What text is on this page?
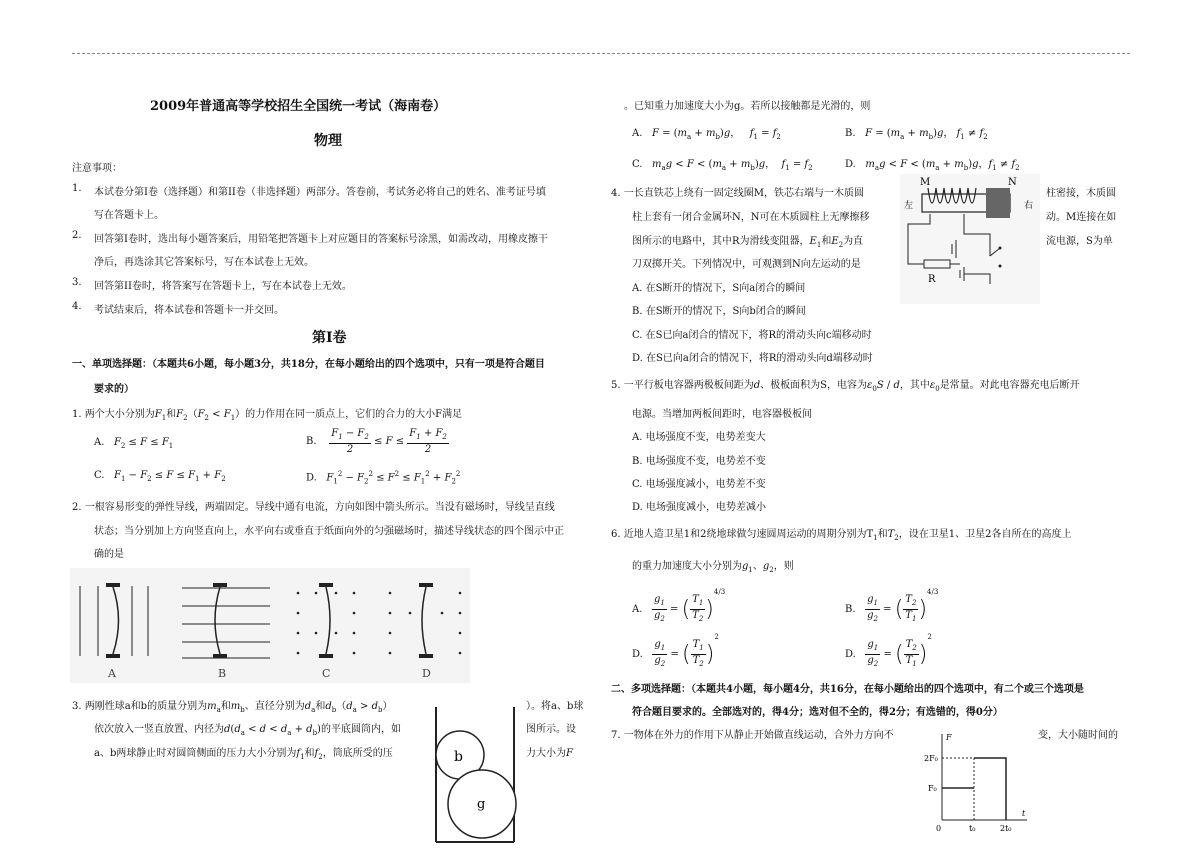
2009年普通高等学校招生全国统一考试（海南卷）
物理
注意事项：
1. 本试卷分第Ⅰ卷（选择题）和第II卷（非选择题）两部分。答卷前，考试务必将自己的姓名、准考证号填
写在答题卡上。
2. 回答第Ⅰ卷时，选出每小题答案后，用铅笔把答题卡上对应题目的答案标号涂黑，如需改动，用橡皮擦干
净后，再选涂其它答案标号，写在本试卷上无效。
3. 回答第II卷时，将答案写在答题卡上，写在本试卷上无效。
4. 考试结束后，将本试卷和答题卡一并交回。
第Ⅰ卷
一、单项选择题：（本题共6小题，每小题3分，共18分，在每小题给出的四个选项中，只有一项是符合题目
要求的）
1. 两个大小分别为$F_1$和$F_2(F_2 < F_1)$的力作用在同一质点上，它们的合力的大小F满足
A.   $F_2 \le F \le F_1$	B. $\frac{F_1 - F_2}{2} \le F \le \frac{F_1 + F_2}{2}$
C.   $F_1 - F_2 \le F \le F_1 + F_2$	D.   $F_1^2 - F_2^2 \le F^2 \le F_1^2 + F_2^2$
2. 一根容易形变的弹性导线，两端固定。导线中通有电流，方向如图中箭头所示。当没有磁场时，导线呈直线
状态；当分别加上方向竖直向上，水平向右或垂直于纸面向外的匀强磁场时，描述导线状态的四个图示中正
确的是
A	B	C	D
3. 两刚性球a和b的质量分别为$m_a$和$m_b$、直径分别为$d_a$和$d_b(d_a > d_b)$
依次放入一竖直放置、内径为$d(d_a < d < d_a + d_b)$的平底圆筒内，如
a、b两球静止时对圆筒侧面的压力大小分别为$f_1$和$f_2$，筒底所受的压
）。将a、b球
图所示。设
力大小为F
b
g
。已知重力加速度大小为g。若所以接触都是光滑的，则
A.   $F = (m_a + m_b)g$，   $f_1 = f_2$	B.   $F = (m_a + m_b)g$， $f_1 \ne f_2$
C.   $m_ag < F < (m_a + m_b)g$，  $f_1 = f_2$	D.   $m_ag < F < (m_a + m_b)g$，$f_1 \ne f_2$
4. 一长直铁芯上绕有一固定线圈M，铁芯右端与一木质圆
柱上套有一闭合金属环N，N可在木质圆柱上无摩擦移
图所示的电路中，其中R为滑线变阻器，$E_1$和$E_2$为直
刀双掷开关。下列情况中，可观测到N向左运动的是
柱密接，木质圆
动。M连接在如
流电源，S为单
M	N
左	右
R
A. 在S断开的情况下，S向a闭合的瞬间
B. 在S断开的情况下，S向b闭合的瞬间
C. 在S已向a闭合的情况下，将R的滑动头向c端移动时
D. 在S已向a闭合的情况下，将R的滑动头向d端移动时
5. 一平行板电容器两极板间距为d、极板面积为S，电容为$\varepsilon_0S$ / d，其中$\varepsilon_0$是常量。对此电容器充电后断开
电源。当增加两板间距时，电容器极板间
A. 电场强度不变，电势差变大
B. 电场强度不变，电势差不变
C. 电场强度减小，电势差不变
D. 电场强度减小，电势差减小
6. 近地人造卫星1和2绕地球做匀速圆周运动的周期分别为$T_1$和$T_2$，设在卫星1、卫星2各自所在的高度上
的重力加速度大小分别为$g_1$、$g_2$，则
A. $\frac{g_1}{g_2}$ = ( $\frac{T_1}{T_2} )^{4/3}$
B. $\frac{g_1}{g_2}$ = ( $\frac{T_2}{T_1} )^{4/3}$
D. $\frac{g_1}{g_2}$ = ( $\frac{T_1}{T_2} )^2$
D. $\frac{g_1}{g_2}$ = ( $\frac{T_2}{T_1} )^2$
二、多项选择题：（本题共4小题，每小题4分，共16分，在每小题给出的四个选项中，有二个或三个选项是
符合题目要求的。全部选对的，得4分；选对但不全的，得2分；有选错的，得0分）
7. 一物体在外力的作用下从静止开始做直线运动，合外力方向不	变，大小随时间的
F
t
2F₀
F₀
0	t₀	2t₀
